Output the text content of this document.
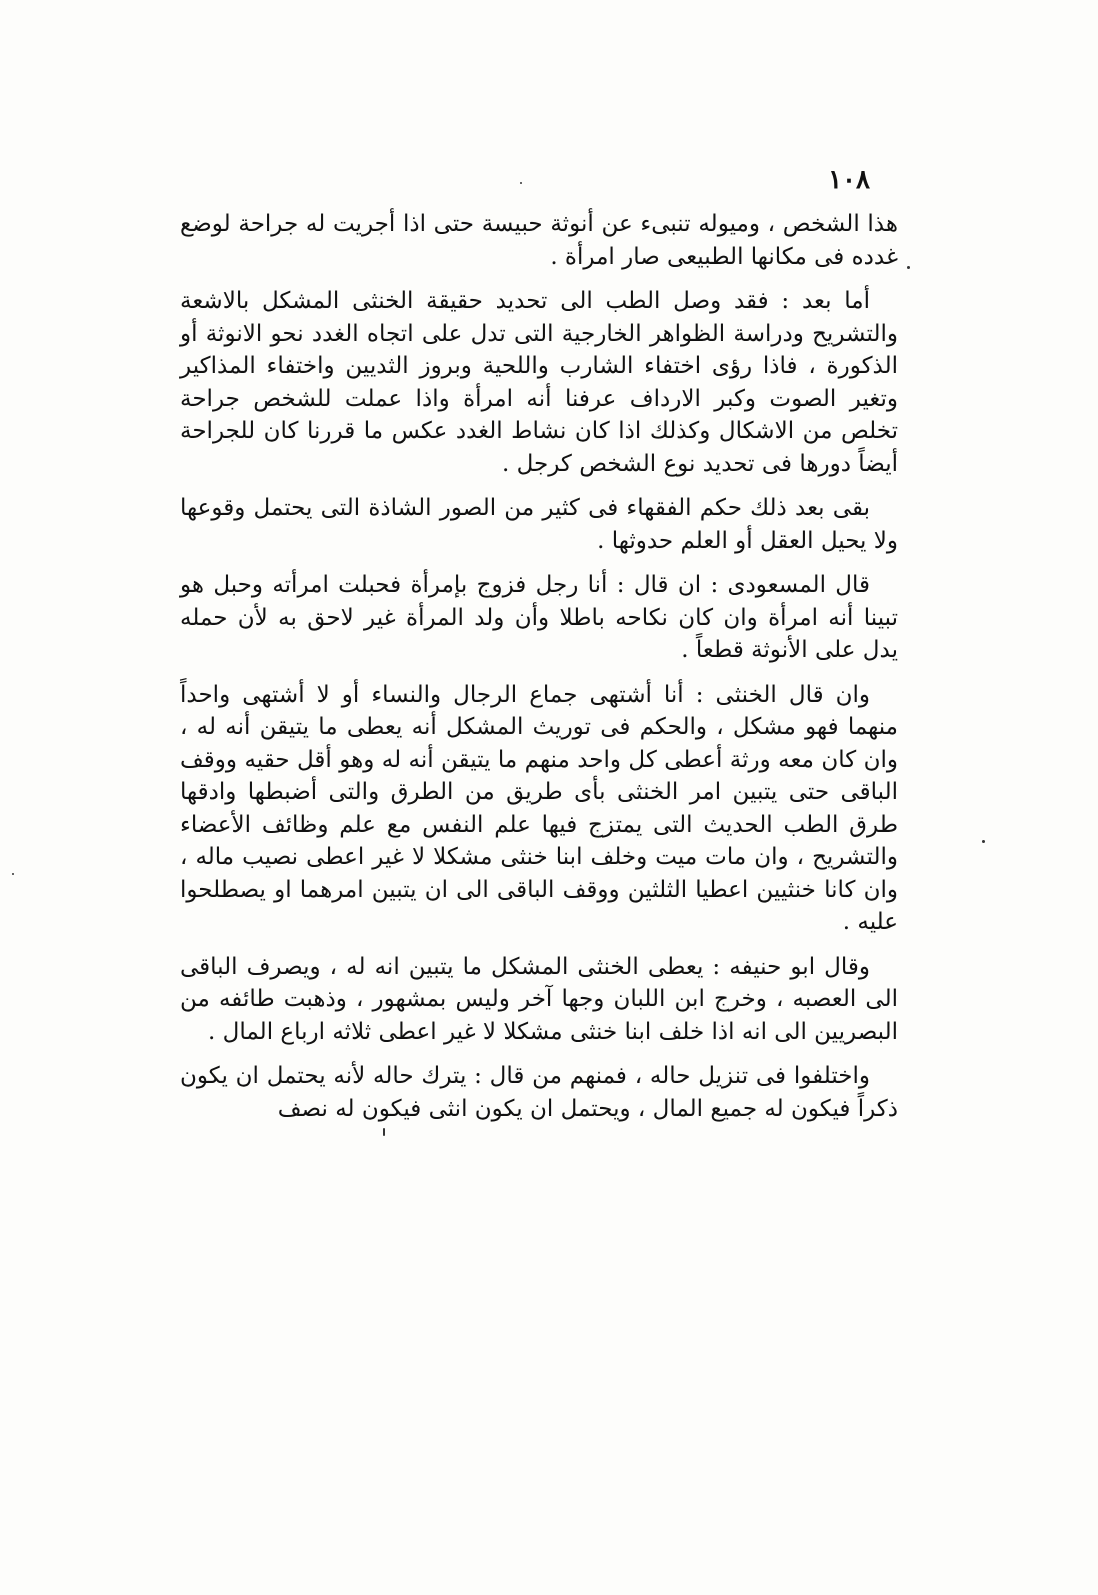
١٠٨

هذا الشخص ، وميوله تنبىء عن أنوثة حبيسة حتى اذا أجريت له جراحة لوضع غدده فى مكانها الطبيعى صار امرأة .

أما بعد : فقد وصل الطب الى تحديد حقيقة الخنثى المشكل بالاشعة والتشريح ودراسة الظواهر الخارجية التى تدل على اتجاه الغدد نحو الانوثة أو الذكورة ، فاذا رؤى اختفاء الشارب واللحية وبروز الثديين واختفاء المذاكير وتغير الصوت وكبر الارداف عرفنا أنه امرأة واذا عملت للشخص جراحة تخلص من الاشكال وكذلك اذا كان نشاط الغدد عكس ما قررنا كان للجراحة أيضاً دورها فى تحديد نوع الشخص كرجل .

بقى بعد ذلك حكم الفقهاء فى كثير من الصور الشاذة التى يحتمل وقوعها ولا يحيل العقل أو العلم حدوثها .

قال المسعودى : ان قال : أنا رجل فزوج بإمرأة فحبلت امرأته وحبل هو تبينا أنه امرأة وان كان نكاحه باطلا وأن ولد المرأة غير لاحق به لأن حمله يدل على الأنوثة قطعاً .

وان قال الخنثى : أنا أشتهى جماع الرجال والنساء أو لا أشتهى واحداً منهما فهو مشكل ، والحكم فى توريث المشكل أنه يعطى ما يتيقن أنه له ، وان كان معه ورثة أعطى كل واحد منهم ما يتيقن أنه له وهو أقل حقيه ووقف الباقى حتى يتبين امر الخنثى بأى طريق من الطرق والتى أضبطها وادقها طرق الطب الحديث التى يمتزج فيها علم النفس مع علم وظائف الأعضاء والتشريح ، وان مات ميت وخلف ابنا خنثى مشكلا لا غير اعطى نصيب ماله ، وان كانا خنثيين اعطيا الثلثين ووقف الباقى الى ان يتبين امرهما او يصطلحوا عليه .

وقال ابو حنيفه : يعطى الخنثى المشكل ما يتبين انه له ، ويصرف الباقى الى العصبه ، وخرج ابن اللبان وجها آخر وليس بمشهور ، وذهبت طائفه من البصريين الى انه اذا خلف ابنا خنثى مشكلا لا غير اعطى ثلاثه ارباع المال .

واختلفوا فى تنزيل حاله ، فمنهم من قال : يترك حاله لأنه يحتمل ان يكون ذكراً فيكون له جميع المال ، ويحتمل ان يكون انثى فيكون له نصف
